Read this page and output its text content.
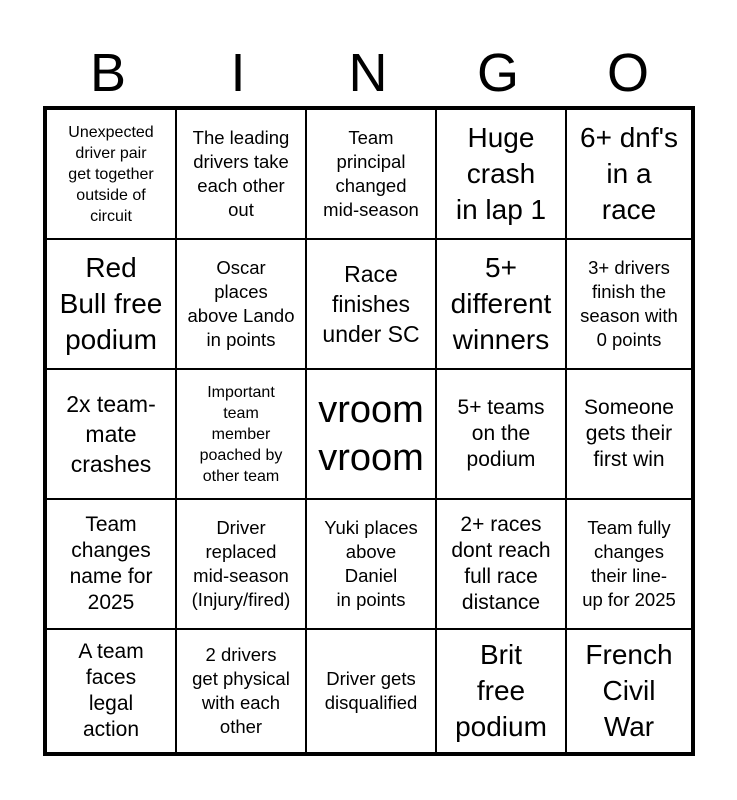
B	I	N	G	O
Unexpected
driver pair
get together
outside of
circuit
The leading
drivers take
each other
out
Team
principal
changed
mid-season
Huge
crash
in lap 1
6+ dnf's
in a
race
Red
Bull free
podium
Oscar
places
above Lando
in points
Race
finishes
under SC
5+
different
winners
3+ drivers
finish the
season with
0 points
2x team-
mate
crashes
Important
team
member
poached by
other team
vroom
vroom
5+ teams
on the
podium
Someone
gets their
first win
Team
changes
name for
2025
Driver
replaced
mid-season
(Injury/fired)
Yuki places
above
Daniel
in points
2+ races
dont reach
full race
distance
Team fully
changes
their line-
up for 2025
A team
faces
legal
action
2 drivers
get physical
with each
other
Driver gets
disqualified
Brit
free
podium
French
Civil
War
